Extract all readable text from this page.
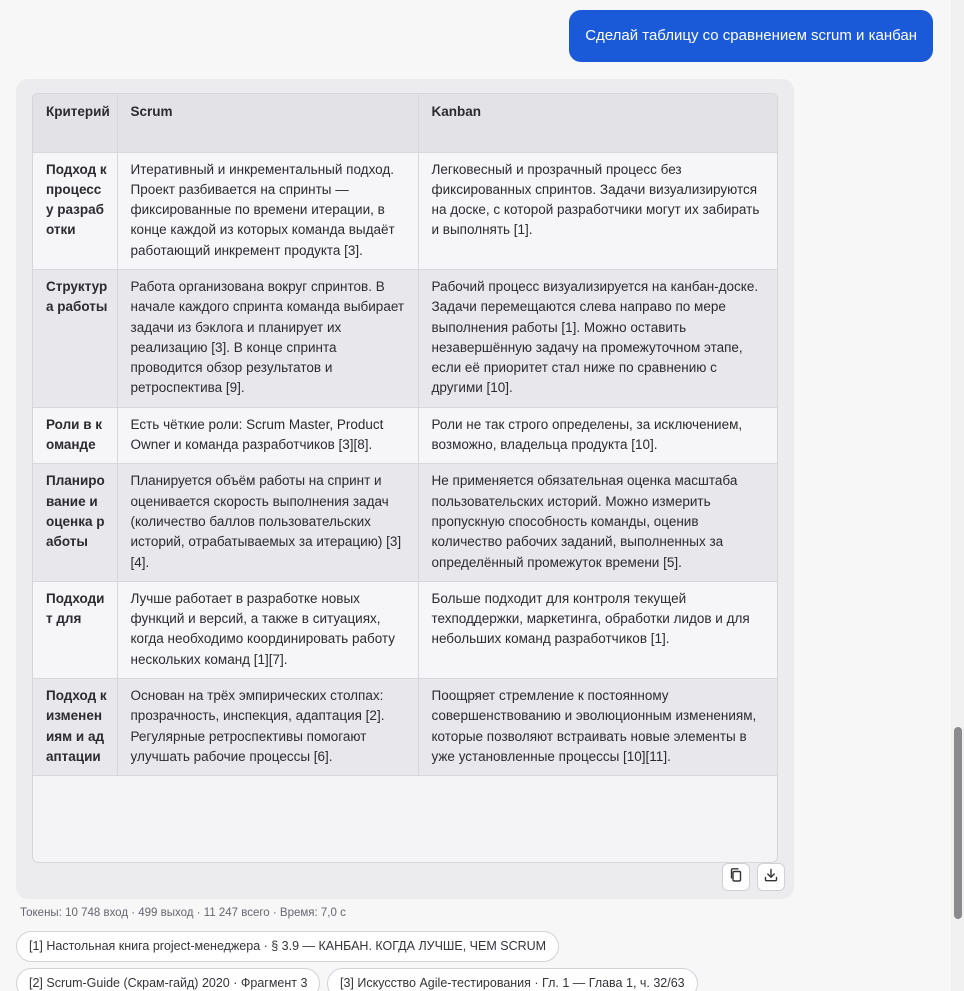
Сделай таблицу со сравнением scrum и канбан
Критерий	Scrum	Kanban
Подход к процессу разработки	Итеративный и инкрементальный подход. Проект разбивается на спринты — фиксированные по времени итерации, в конце каждой из которых команда выдаёт работающий инкремент продукта [3].	Легковесный и прозрачный процесс без фиксированных спринтов. Задачи визуализируются на доске, с которой разработчики могут их забирать и выполнять [1].
Структура работы	Работа организована вокруг спринтов. В начале каждого спринта команда выбирает задачи из бэклога и планирует их реализацию [3]. В конце спринта проводится обзор результатов и ретроспектива [9].	Рабочий процесс визуализируется на канбан-доске. Задачи перемещаются слева направо по мере выполнения работы [1]. Можно оставить незавершённую задачу на промежуточном этапе, если её приоритет стал ниже по сравнению с другими [10].
Роли в команде	Есть чёткие роли: Scrum Master, Product Owner и команда разработчиков [3][8].	Роли не так строго определены, за исключением, возможно, владельца продукта [10].
Планирование и оценка работы	Планируется объём работы на спринт и оценивается скорость выполнения задач (количество баллов пользовательских историй, отрабатываемых за итерацию) [3][4].	Не применяется обязательная оценка масштаба пользовательских историй. Можно измерить пропускную способность команды, оценив количество рабочих заданий, выполненных за определённый промежуток времени [5].
Подходит для	Лучше работает в разработке новых функций и версий, а также в ситуациях, когда необходимо координировать работу нескольких команд [1][7].	Больше подходит для контроля текущей техподдержки, маркетинга, обработки лидов и для небольших команд разработчиков [1].
Подход к изменениям и адаптации	Основан на трёх эмпирических столпах: прозрачность, инспекция, адаптация [2]. Регулярные ретроспективы помогают улучшать рабочие процессы [6].	Поощряет стремление к постоянному совершенствованию и эволюционным изменениям, которые позволяют встраивать новые элементы в уже установленные процессы [10][11].
Токены: 10 748 вход · 499 выход · 11 247 всего · Время: 7,0 с
[1] Настольная книга project-менеджера · § 3.9 — КАНБАН. КОГДА ЛУЧШЕ, ЧЕМ SCRUM
[2] Scrum-Guide (Скрам-гайд) 2020 · Фрагмент 3	[3] Искусство Agile-тестирования · Гл. 1 — Глава 1, ч. 32/63
